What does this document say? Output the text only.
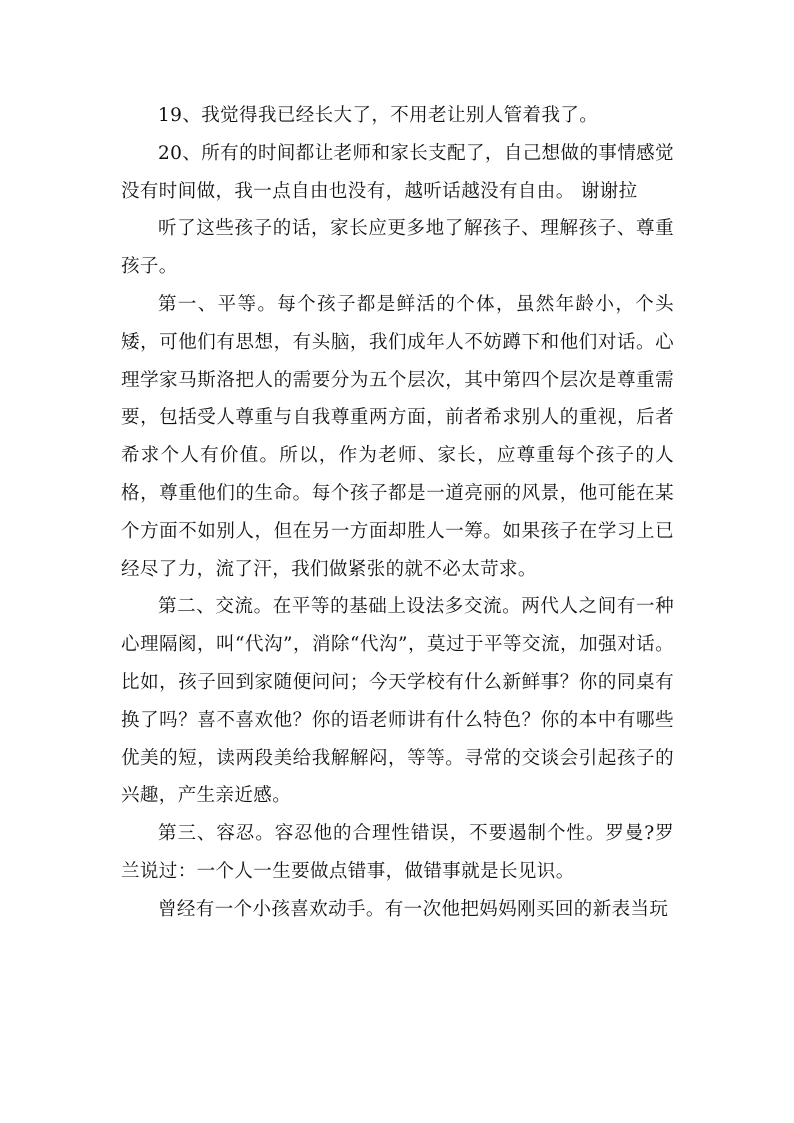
19、我觉得我已经长大了，不用老让别人管着我了。

20、所有的时间都让老师和家长支配了，自己想做的事情感觉没有时间做，我一点自由也没有，越听话越没有自由。 谢谢拉

听了这些孩子的话，家长应更多地了解孩子、理解孩子、尊重孩子。

第一、平等。每个孩子都是鲜活的个体，虽然年龄小，个头矮，可他们有思想，有头脑，我们成年人不妨蹲下和他们对话。心理学家马斯洛把人的需要分为五个层次，其中第四个层次是尊重需要，包括受人尊重与自我尊重两方面，前者希求别人的重视，后者希求个人有价值。所以，作为老师、家长，应尊重每个孩子的人格，尊重他们的生命。每个孩子都是一道亮丽的风景，他可能在某个方面不如别人，但在另一方面却胜人一筹。如果孩子在学习上已经尽了力，流了汗，我们做紧张的就不必太苛求。

第二、交流。在平等的基础上设法多交流。两代人之间有一种心理隔阂，叫“代沟”，消除“代沟”，莫过于平等交流，加强对话。比如，孩子回到家随便问问；今天学校有什么新鲜事？你的同桌有换了吗？喜不喜欢他？你的语老师讲有什么特色？你的本中有哪些优美的短，读两段美给我解解闷，等等。寻常的交谈会引起孩子的兴趣，产生亲近感。

第三、容忍。容忍他的合理性错误，不要遏制个性。罗曼?罗兰说过：一个人一生要做点错事，做错事就是长见识。

曾经有一个小孩喜欢动手。有一次他把妈妈刚买回的新表当玩
